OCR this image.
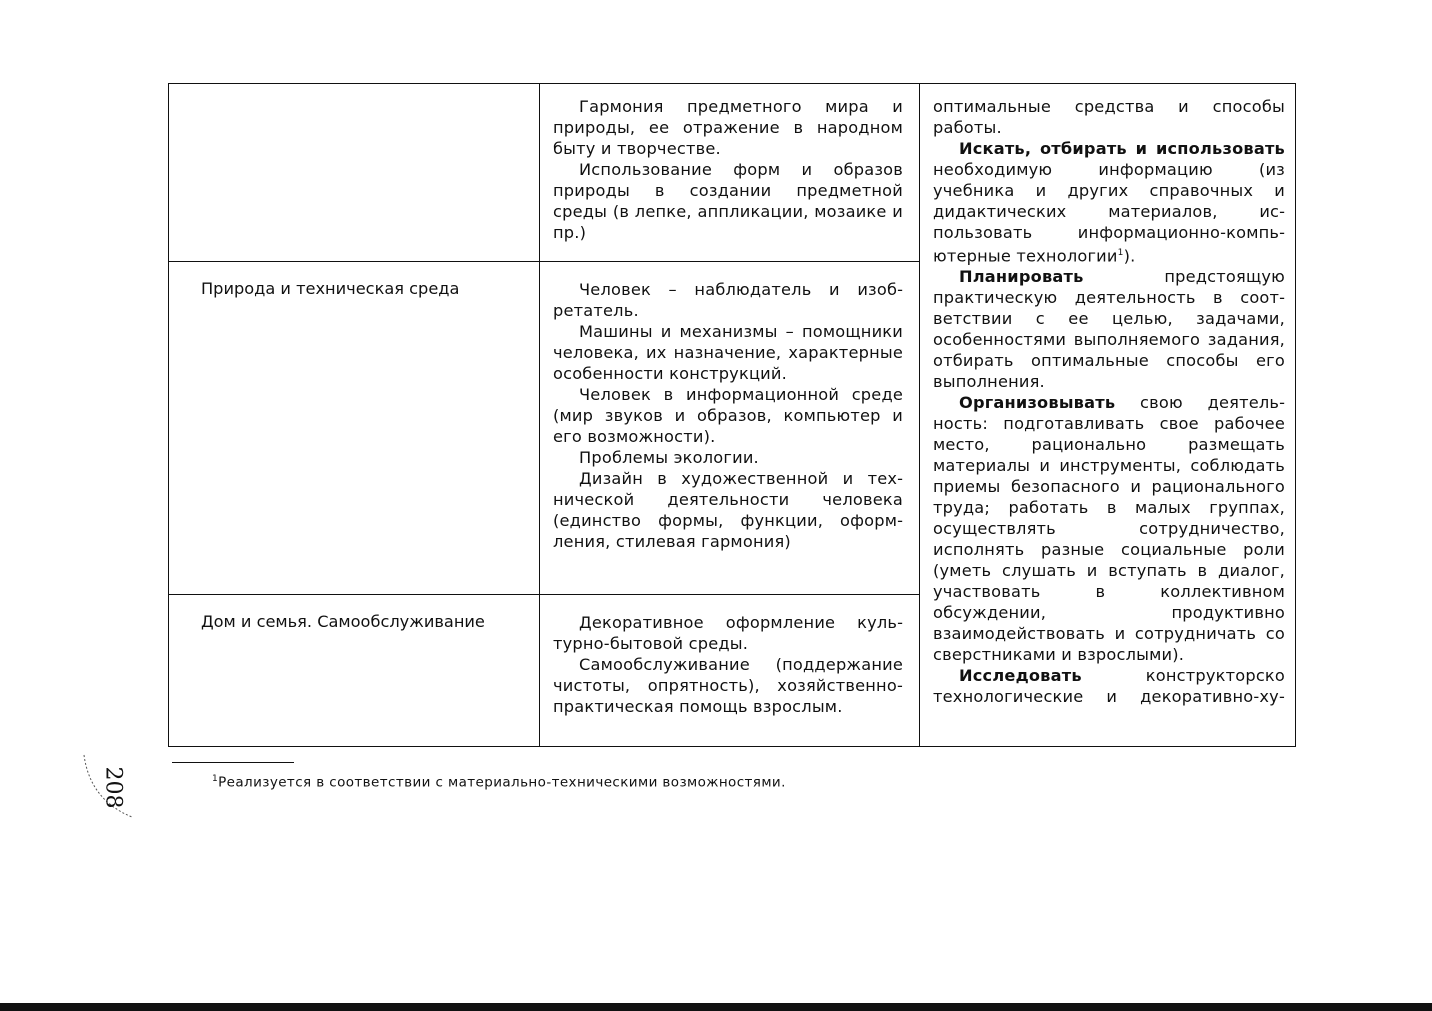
Гармония предметного мира и природы, ее отражение в народном быту и творчестве.

Использование форм и образов природы в создании предметной среды (в лепке, аппликации, мозаике и пр.)

Природа и техническая среда	Человек – наблюдатель и изобретатель.

Машины и механизмы – помощники человека, их назначение, характерные особенности конструкций.

Человек в информационной среде (мир звуков и образов, компьютер и его возможности).

Проблемы экологии.

Дизайн в художественной и технической деятельности человека (единство формы, функции, оформления, стилевая гармония)

Дом и семья. Самообслуживание	Декоративное оформление культурно-бытовой среды.

Самообслуживание (поддержание чистоты, опрятность), хозяйственно-практическая помощь взрослым.

оптимальные средства и способы работы.

Искать, отбирать и использовать необходимую информацию (из учебника и других справочных и дидактических материалов, использовать информационно-компьютерные технологии$^1$).

Планировать предстоящую практическую деятельность в соответствии с ее целью, задачами, особенностями выполняемого задания, отбирать оптимальные способы его выполнения.

Организовывать свою деятельность: подготавливать свое рабочее место, рационально размещать материалы и инструменты, соблюдать приемы безопасного и рационального труда; работать в малых группах, осуществлять сотрудничество, исполнять разные социальные роли (уметь слушать и вступать в диалог, участвовать в коллективном обсуждении, продуктивно взаимодействовать и сотрудничать со сверстниками и взрослыми).

Исследовать конструкторско технологические и декоративно-ху-

$^1$Реализуется в соответствии с материально-техническими возможностями.
208
